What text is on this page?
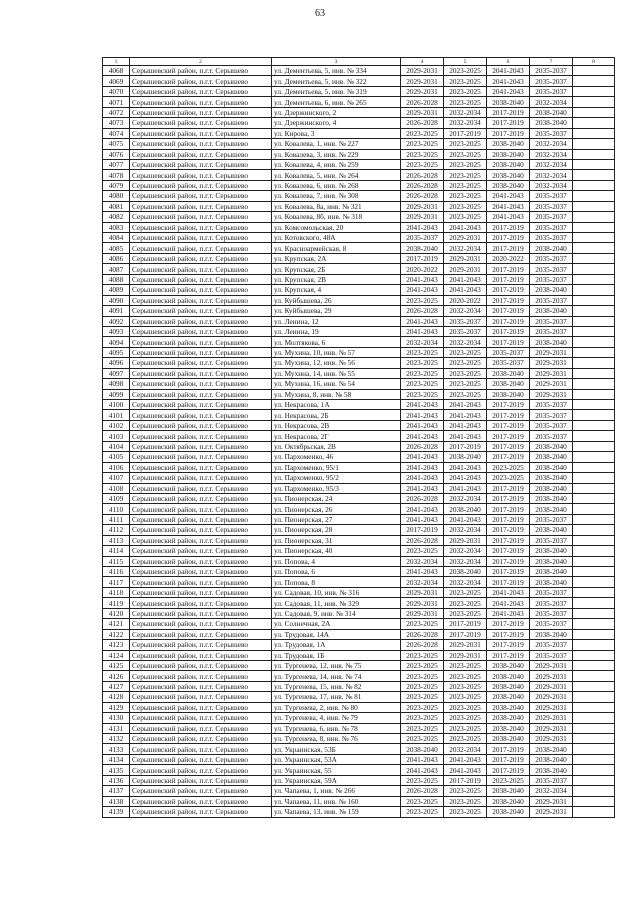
63
1	2	3	4	5	6	7	8
4068	Серышевский район, п.г.т. Серышево	ул. Дементьева, 5, инв. № 334	2029-2031	2023-2025	2041-2043	2035-2037	
4069	Серышевский район, п.г.т. Серышево	ул. Дементьева, 5, инв. № 322	2029-2031	2023-2025	2041-2043	2035-2037	
4070	Серышевский район, п.г.т. Серышево	ул. Дементьева, 5, инв. № 319	2029-2031	2023-2025	2041-2043	2035-2037	
4071	Серышевский район, п.г.т. Серышево	ул. Дементьева, 6, инв. № 265	2026-2028	2023-2025	2038-2040	2032-2034	
4072	Серышевский район, п.г.т. Серышево	ул. Дзержинского, 2	2029-2031	2032-2034	2017-2019	2038-2040	
4073	Серышевский район, п.г.т. Серышево	ул. Дзержинского, 4	2026-2028	2032-2034	2017-2019	2038-2040	
4074	Серышевский район, п.г.т. Серышево	ул. Кирова, 3	2023-2025	2017-2019	2017-2019	2035-2037	
4075	Серышевский район, п.г.т. Серышево	ул. Ковалева, 1, инв. № 227	2023-2025	2023-2025	2038-2040	2032-2034	
4076	Серышевский район, п.г.т. Серышево	ул. Ковалева, 3, инв. № 229	2023-2025	2023-2025	2038-2040	2032-2034	
4077	Серышевский район, п.г.т. Серышево	ул. Ковалева, 4, инв. № 259	2023-2025	2023-2025	2038-2040	2032-2034	
4078	Серышевский район, п.г.т. Серышево	ул. Ковалева, 5, инв. № 264	2026-2028	2023-2025	2038-2040	2032-2034	
4079	Серышевский район, п.г.т. Серышево	ул. Ковалева, 6, инв. № 268	2026-2028	2023-2025	2038-2040	2032-2034	
4080	Серышевский район, п.г.т. Серышево	ул. Ковалева, 7, инв. № 308	2026-2028	2023-2025	2041-2043	2035-2037	
4081	Серышевский район, п.г.т. Серышево	ул. Ковалева, 8а, инв. № 321	2029-2031	2023-2025	2041-2043	2035-2037	
4082	Серышевский район, п.г.т. Серышево	ул. Ковалева, 8б, инв. № 318	2029-2031	2023-2025	2041-2043	2035-2037	
4083	Серышевский район, п.г.т. Серышево	ул. Комсомольская, 20	2041-2043	2041-2043	2017-2019	2035-2037	
4084	Серышевский район, п.г.т. Серышево	ул. Котовского, 48А	2035-2037	2029-2031	2017-2019	2035-2037	
4085	Серышевский район, п.г.т. Серышево	ул. Красноармейская, 8	2038-2040	2032-2034	2017-2019	2038-2040	
4086	Серышевский район, п.г.т. Серышево	ул. Крупская, 2А	2017-2019	2029-2031	2020-2022	2035-2037	
4087	Серышевский район, п.г.т. Серышево	ул. Крупская, 2Б	2020-2022	2029-2031	2017-2019	2035-2037	
4088	Серышевский район, п.г.т. Серышево	ул. Крупская, 2В	2041-2043	2041-2043	2017-2019	2035-2037	
4089	Серышевский район, п.г.т. Серышево	ул. Крупская, 4	2041-2043	2041-2043	2017-2019	2038-2040	
4090	Серышевский район, п.г.т. Серышево	ул. Куйбышева, 26	2023-2025	2020-2022	2017-2019	2035-2037	
4091	Серышевский район, п.г.т. Серышево	ул. Куйбышева, 29	2026-2028	2032-2034	2017-2019	2038-2040	
4092	Серышевский район, п.г.т. Серышево	ул. Ленина, 12	2041-2043	2035-2037	2017-2019	2035-2037	
4093	Серышевский район, п.г.т. Серышево	ул. Ленина, 19	2041-2043	2035-2037	2017-2019	2035-2037	
4094	Серышевский район, п.г.т. Серышево	ул. Молтякова, 6	2032-2034	2032-2034	2017-2019	2038-2040	
4095	Серышевский район, п.г.т. Серышево	ул. Мухина, 10, инв. № 57	2023-2025	2023-2025	2035-2037	2029-2031	
4096	Серышевский район, п.г.т. Серышево	ул. Мухина, 12, инв. № 56	2023-2025	2023-2025	2035-2037	2029-2031	
4097	Серышевский район, п.г.т. Серышево	ул. Мухина, 14, инв. № 55	2023-2025	2023-2025	2038-2040	2029-2031	
4098	Серышевский район, п.г.т. Серышево	ул. Мухина, 16, инв. № 54	2023-2025	2023-2025	2038-2040	2029-2031	
4099	Серышевский район, п.г.т. Серышево	ул. Мухина, 8, инв. № 58	2023-2025	2023-2025	2038-2040	2029-2031	
4100	Серышевский район, п.г.т. Серышево	ул. Некрасова, 1А	2041-2043	2041-2043	2017-2019	2035-2037	
4101	Серышевский район, п.г.т. Серышево	ул. Некрасова, 2Б	2041-2043	2041-2043	2017-2019	2035-2037	
4102	Серышевский район, п.г.т. Серышево	ул. Некрасова, 2В	2041-2043	2041-2043	2017-2019	2035-2037	
4103	Серышевский район, п.г.т. Серышево	ул. Некрасова, 2Г	2041-2043	2041-2043	2017-2019	2035-2037	
4104	Серышевский район, п.г.т. Серышево	ул. Октябрьская, 2В	2026-2028	2017-2019	2017-2019	2038-2040	
4105	Серышевский район, п.г.т. Серышево	ул. Пархоменко, 46	2041-2043	2038-2040	2017-2019	2038-2040	
4106	Серышевский район, п.г.т. Серышево	ул. Пархоменко, 95/1	2041-2043	2041-2043	2023-2025	2038-2040	
4107	Серышевский район, п.г.т. Серышево	ул. Пархоменко, 95/2	2041-2043	2041-2043	2023-2025	2038-2040	
4108	Серышевский район, п.г.т. Серышево	ул. Пархоменко, 95/3	2041-2043	2041-2043	2017-2019	2038-2040	
4109	Серышевский район, п.г.т. Серышево	ул. Пионерская, 24	2026-2028	2032-2034	2017-2019	2038-2040	
4110	Серышевский район, п.г.т. Серышево	ул. Пионерская, 26	2041-2043	2038-2040	2017-2019	2038-2040	
4111	Серышевский район, п.г.т. Серышево	ул. Пионерская, 27	2041-2043	2041-2043	2017-2019	2035-2037	
4112	Серышевский район, п.г.т. Серышево	ул. Пионерская, 28	2017-2019	2032-2034	2017-2019	2038-2040	
4113	Серышевский район, п.г.т. Серышево	ул. Пионерская, 31	2026-2028	2029-2031	2017-2019	2035-2037	
4114	Серышевский район, п.г.т. Серышево	ул. Пионерская, 40	2023-2025	2032-2034	2017-2019	2038-2040	
4115	Серышевский район, п.г.т. Серышево	ул. Попова, 4	2032-2034	2032-2034	2017-2019	2038-2040	
4116	Серышевский район, п.г.т. Серышево	ул. Попова, 6	2041-2043	2038-2040	2017-2019	2038-2040	
4117	Серышевский район, п.г.т. Серышево	ул. Попова, 8	2032-2034	2032-2034	2017-2019	2038-2040	
4118	Серышевский район, п.г.т. Серышево	ул. Садовая, 10, инв. № 316	2029-2031	2023-2025	2041-2043	2035-2037	
4119	Серышевский район, п.г.т. Серышево	ул. Садовая, 11, инв. № 329	2029-2031	2023-2025	2041-2043	2035-2037	
4120	Серышевский район, п.г.т. Серышево	ул. Садовая, 9, инв. № 314	2029-2031	2023-2025	2041-2043	2035-2037	
4121	Серышевский район, п.г.т. Серышево	ул. Солнечная, 2А	2023-2025	2017-2019	2017-2019	2035-2037	
4122	Серышевский район, п.г.т. Серышево	ул. Трудовая, 14А	2026-2028	2017-2019	2017-2019	2038-2040	
4123	Серышевский район, п.г.т. Серышево	ул. Трудовая, 1А	2026-2028	2029-2031	2017-2019	2035-2037	
4124	Серышевский район, п.г.т. Серышево	ул. Трудовая, 1Б	2023-2025	2029-2031	2017-2019	2035-2037	
4125	Серышевский район, п.г.т. Серышево	ул. Тургенева, 12, инв. № 75	2023-2025	2023-2025	2038-2040	2029-2031	
4126	Серышевский район, п.г.т. Серышево	ул. Тургенева, 14, инв. № 74	2023-2025	2023-2025	2038-2040	2029-2031	
4127	Серышевский район, п.г.т. Серышево	ул. Тургенева, 15, инв. № 82	2023-2025	2023-2025	2038-2040	2029-2031	
4128	Серышевский район, п.г.т. Серышево	ул. Тургенева, 17, инв. № 81	2023-2025	2023-2025	2038-2040	2029-2031	
4129	Серышевский район, п.г.т. Серышево	ул. Тургенева, 2, инв. № 80	2023-2025	2023-2025	2038-2040	2029-2031	
4130	Серышевский район, п.г.т. Серышево	ул. Тургенева, 4, инв. № 79	2023-2025	2023-2025	2038-2040	2029-2031	
4131	Серышевский район, п.г.т. Серышево	ул. Тургенева, 6, инв. № 78	2023-2025	2023-2025	2038-2040	2029-2031	
4132	Серышевский район, п.г.т. Серышево	ул. Тургенева, 8, инв. № 76	2023-2025	2023-2025	2038-2040	2029-2031	
4133	Серышевский район, п.г.т. Серышево	ул. Украинская, 53Б	2038-2040	2032-2034	2017-2019	2038-2040	
4134	Серышевский район, п.г.т. Серышево	ул. Украинская, 53А	2041-2043	2041-2043	2017-2019	2038-2040	
4135	Серышевский район, п.г.т. Серышево	ул. Украинская, 55	2041-2043	2041-2043	2017-2019	2038-2040	
4136	Серышевский район, п.г.т. Серышево	ул. Украинская, 59А	2023-2025	2017-2019	2023-2025	2035-2037	
4137	Серышевский район, п.г.т. Серышево	ул. Чапаева, 1, инв. № 266	2026-2028	2023-2025	2038-2040	2032-2034	
4138	Серышевский район, п.г.т. Серышево	ул. Чапаева, 11, инв. № 160	2023-2025	2023-2025	2038-2040	2029-2031	
4139	Серышевский район, п.г.т. Серышево	ул. Чапаева, 13, инв. № 159	2023-2025	2023-2025	2038-2040	2029-2031	
